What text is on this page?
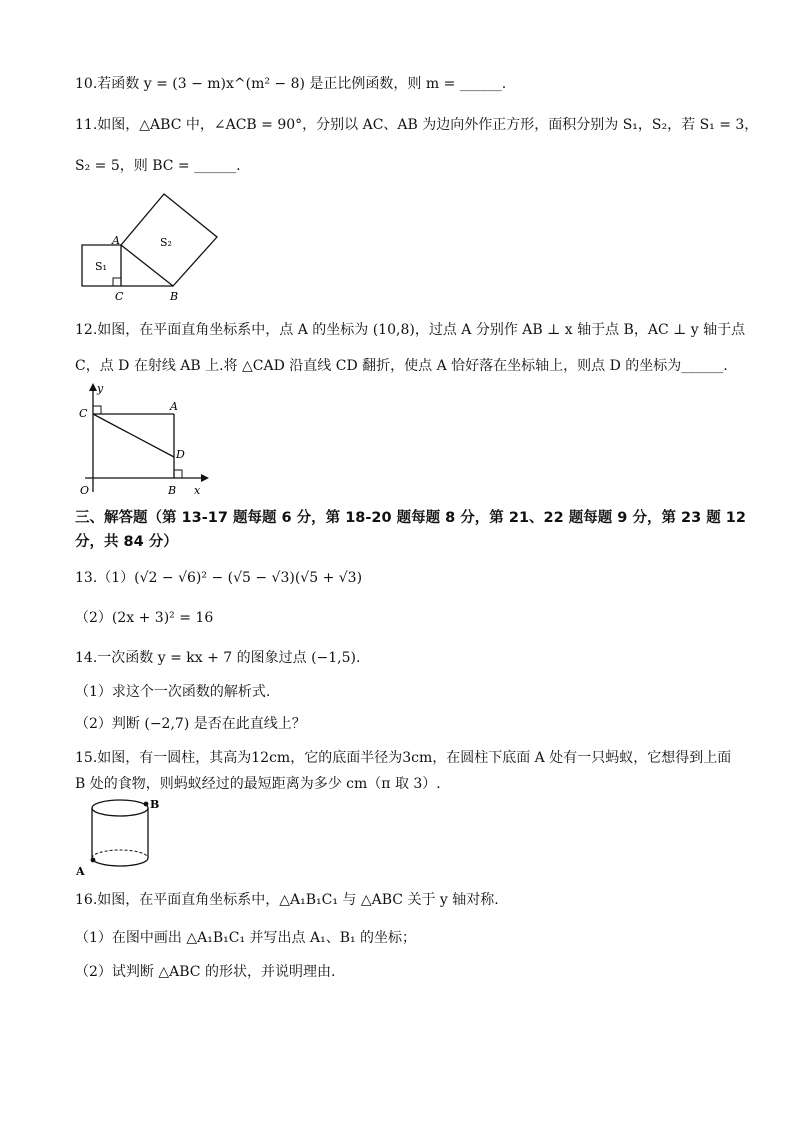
10.若函数 y = (3 − m)x^(m² − 8) 是正比例函数，则 m = ______.
11.如图，△ABC 中，∠ACB = 90°，分别以 AC、AB 为边向外作正方形，面积分别为 S₁，S₂，若 S₁ = 3，
S₂ = 5，则 BC = ______.
A
S₁
S₂
C	B
12.如图，在平面直角坐标系中，点 A 的坐标为 (10,8)，过点 A 分别作 AB ⊥ x 轴于点 B，AC ⊥ y 轴于点
C，点 D 在射线 AB 上.将 △CAD 沿直线 CD 翻折，使点 A 恰好落在坐标轴上，则点 D 的坐标为______.
y
C
A
D
O	B x
三、解答题（第 13-17 题每题 6 分，第 18-20 题每题 8 分，第 21、22 题每题 9 分，第 23 题 12
分，共 84 分）
13.（1）(√2 − √6)² − (√5 − √3)(√5 + √3)
（2）(2x + 3)² = 16
14.一次函数 y = kx + 7 的图象过点 (−1,5).
（1）求这个一次函数的解析式.
（2）判断 (−2,7) 是否在此直线上？
15.如图，有一圆柱，其高为12cm，它的底面半径为3cm，在圆柱下底面 A 处有一只蚂蚁，它想得到上面
B 处的食物，则蚂蚁经过的最短距离为多少 cm（π 取 3）.
B
A
16.如图，在平面直角坐标系中，△A₁B₁C₁ 与 △ABC 关于 y 轴对称.
（1）在图中画出 △A₁B₁C₁ 并写出点 A₁、B₁ 的坐标；
（2）试判断 △ABC 的形状，并说明理由.
